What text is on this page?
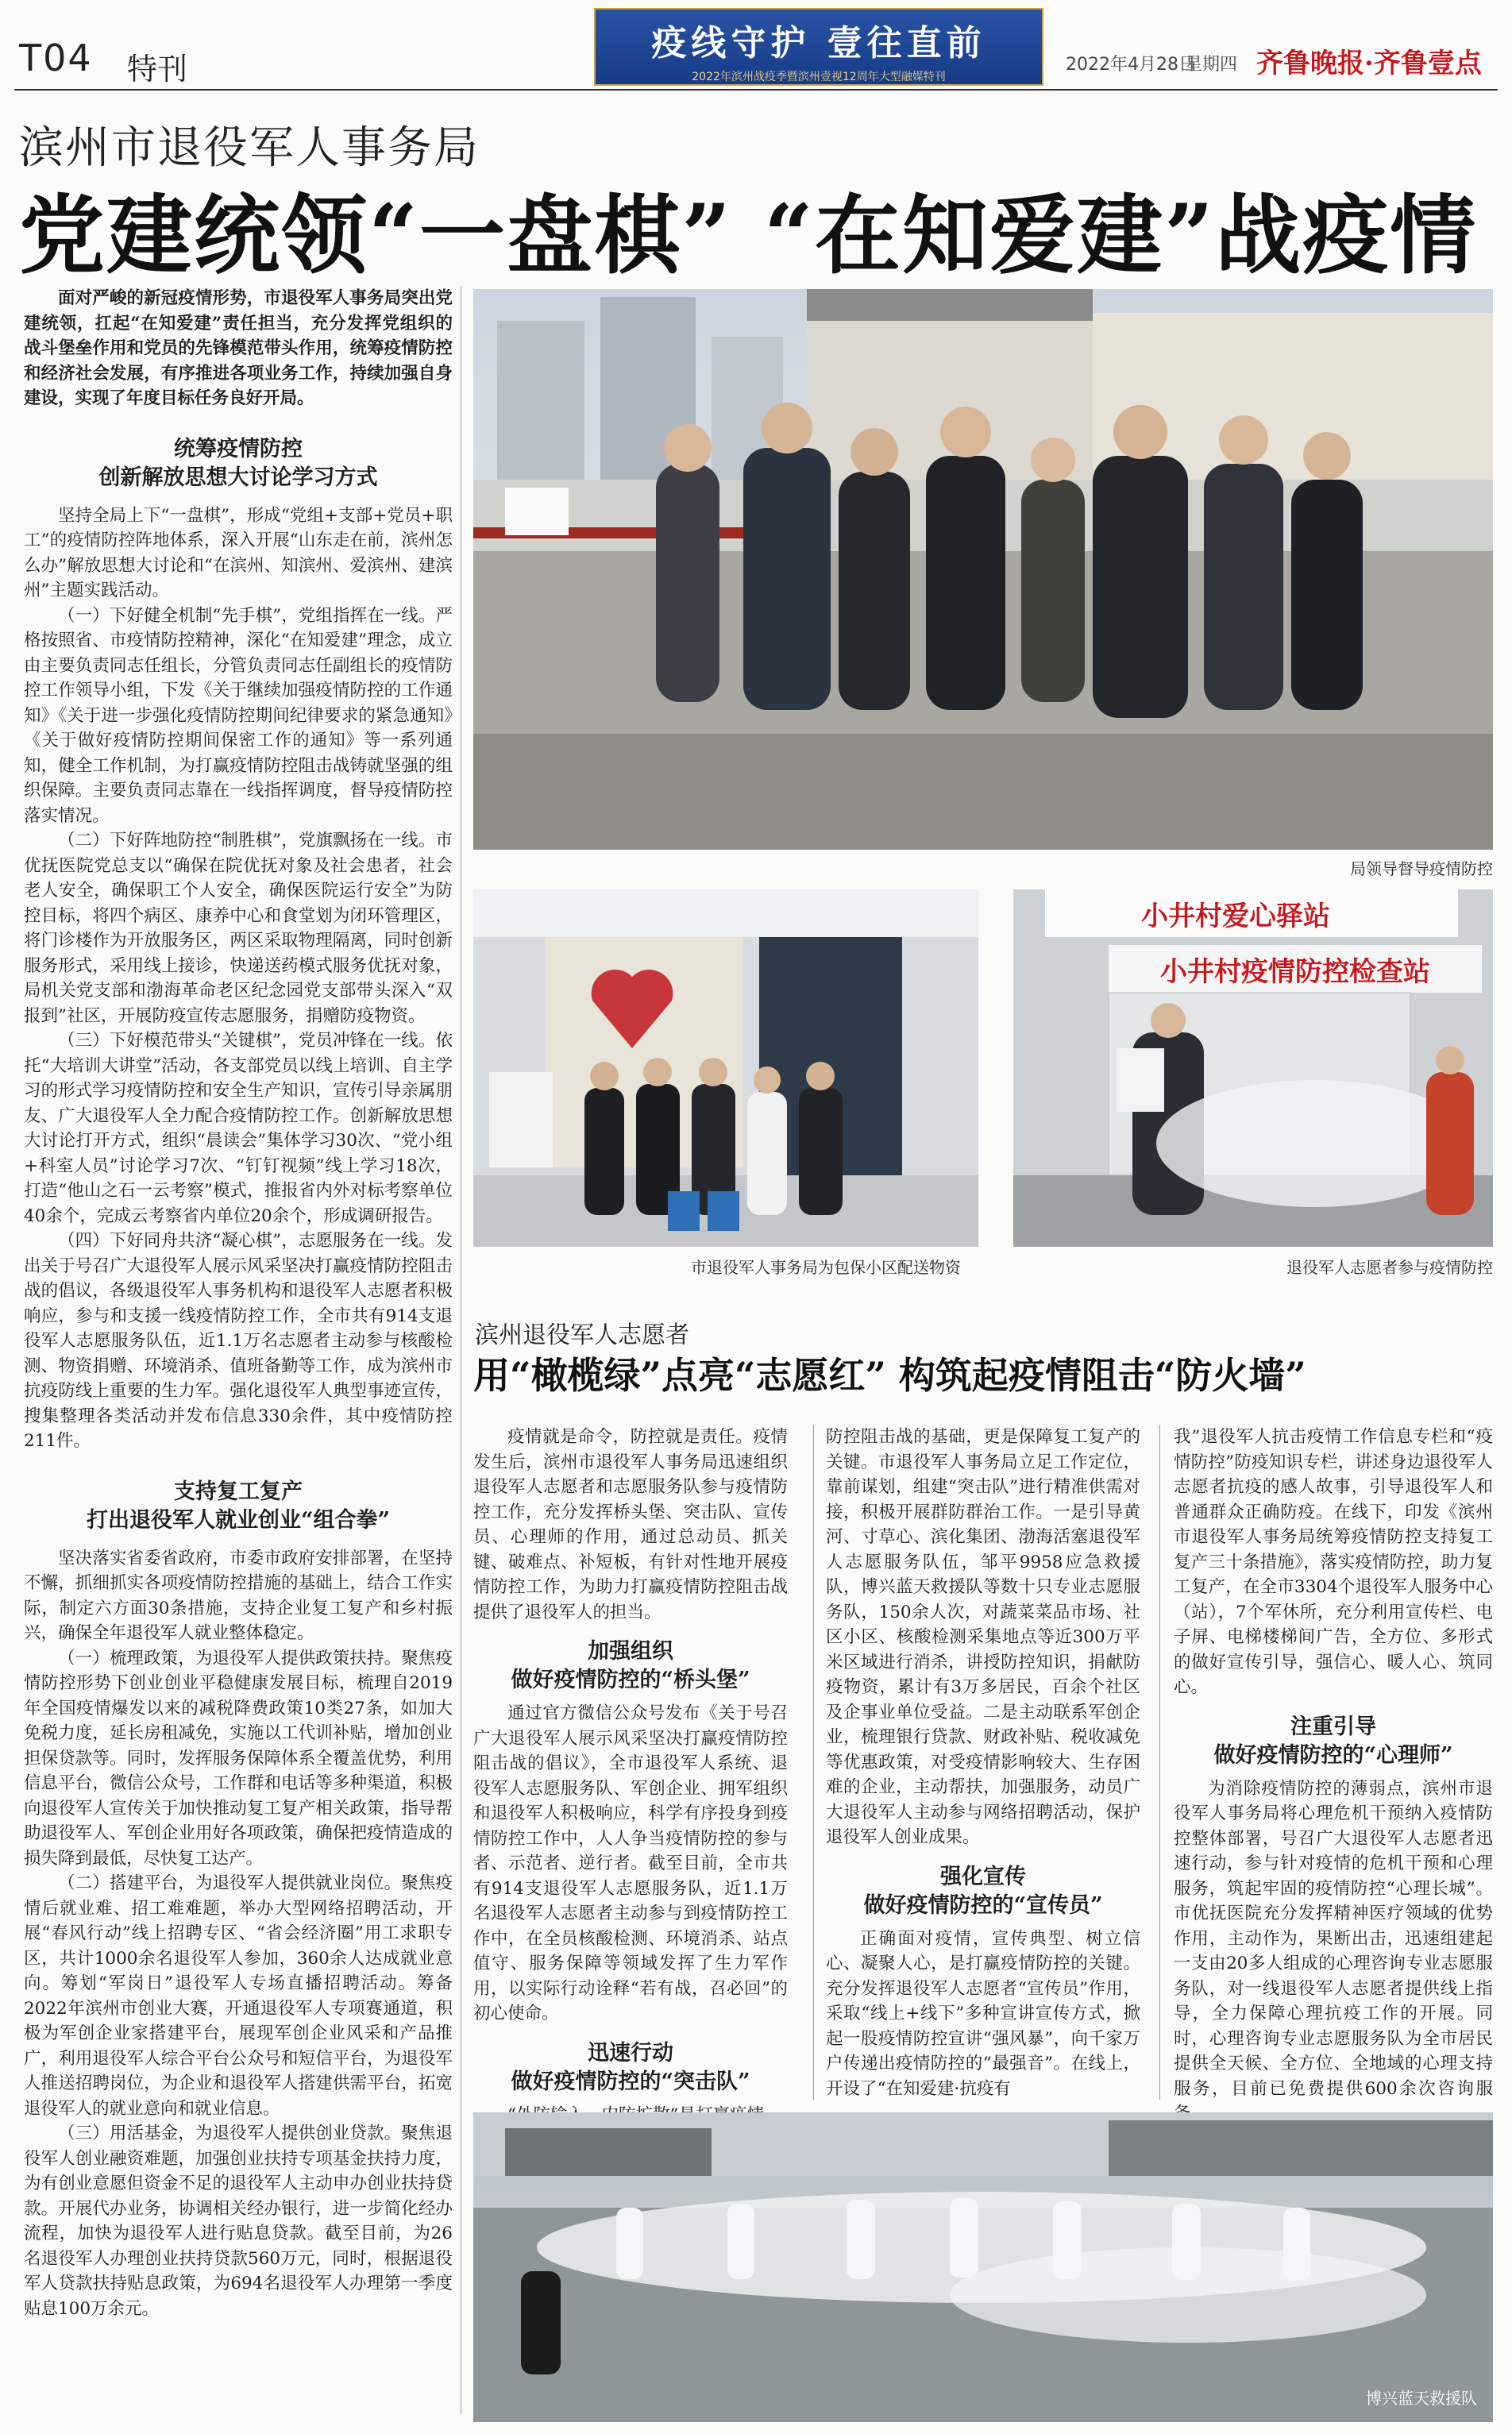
T04 特刊
疫线守护 壹往直前
2022年滨州战疫季暨滨州壹视12周年大型融媒特刊
2022年4月28日
星期四 齐鲁晚报·齐鲁壹点
滨州市退役军人事务局
党建统领“一盘棋” “在知爱建”战疫情

面对严峻的新冠疫情形势，市退役军人事务局突出党建统领，扛起“在知爱建”责任担当，充分发挥党组织的战斗堡垒作用和党员的先锋模范带头作用，统筹疫情防控和经济社会发展，有序推进各项业务工作，持续加强自身建设，实现了年度目标任务良好开局。

统筹疫情防控
创新解放思想大讨论学习方式

坚持全局上下“一盘棋”，形成“党组+支部+党员+职工”的疫情防控阵地体系，深入开展“山东走在前，滨州怎么办”解放思想大讨论和“在滨州、知滨州、爱滨州、建滨州”主题实践活动。

（一）下好健全机制“先手棋”，党组指挥在一线。严格按照省、市疫情防控精神，深化“在知爱建”理念，成立由主要负责同志任组长，分管负责同志任副组长的疫情防控工作领导小组，下发《关于继续加强疫情防控的工作通知》《关于进一步强化疫情防控期间纪律要求的紧急通知》《关于做好疫情防控期间保密工作的通知》等一系列通知，健全工作机制，为打赢疫情防控阻击战铸就坚强的组织保障。主要负责同志靠在一线指挥调度，督导疫情防控落实情况。

（二）下好阵地防控“制胜棋”，党旗飘扬在一线。市优抚医院党总支以“确保在院优抚对象及社会患者，社会老人安全，确保职工个人安全，确保医院运行安全”为防控目标，将四个病区、康养中心和食堂划为闭环管理区，将门诊楼作为开放服务区，两区采取物理隔离，同时创新服务形式，采用线上接诊，快递送药模式服务优抚对象，局机关党支部和渤海革命老区纪念园党支部带头深入“双报到”社区，开展防疫宣传志愿服务，捐赠防疫物资。

（三）下好模范带头“关键棋”，党员冲锋在一线。依托“大培训大讲堂”活动，各支部党员以线上培训、自主学习的形式学习疫情防控和安全生产知识，宣传引导亲属朋友、广大退役军人全力配合疫情防控工作。创新解放思想大讨论打开方式，组织“晨读会”集体学习30次、“党小组+科室人员”讨论学习7次、“钉钉视频”线上学习18次，打造“他山之石一云考察”模式，推报省内外对标考察单位40余个，完成云考察省内单位20余个，形成调研报告。

（四）下好同舟共济“凝心棋”，志愿服务在一线。发出关于号召广大退役军人展示风采坚决打赢疫情防控阻击战的倡议，各级退役军人事务机构和退役军人志愿者积极响应，参与和支援一线疫情防控工作，全市共有914支退役军人志愿服务队伍，近1.1万名志愿者主动参与核酸检测、物资捐赠、环境消杀、值班备勤等工作，成为滨州市抗疫防线上重要的生力军。强化退役军人典型事迹宣传，搜集整理各类活动并发布信息330余件，其中疫情防控211件。

支持复工复产
打出退役军人就业创业“组合拳”

坚决落实省委省政府，市委市政府安排部署，在坚持不懈，抓细抓实各项疫情防控措施的基础上，结合工作实际，制定六方面30条措施，支持企业复工复产和乡村振兴，确保全年退役军人就业整体稳定。

（一）梳理政策，为退役军人提供政策扶持。聚焦疫情防控形势下创业创业平稳健康发展目标，梳理自2019年全国疫情爆发以来的减税降费政策10类27条，如加大免税力度，延长房租减免，实施以工代训补贴，增加创业担保贷款等。同时，发挥服务保障体系全覆盖优势，利用信息平台，微信公众号，工作群和电话等多种渠道，积极向退役军人宣传关于加快推动复工复产相关政策，指导帮助退役军人、军创企业用好各项政策，确保把疫情造成的损失降到最低，尽快复工达产。

（二）搭建平台，为退役军人提供就业岗位。聚焦疫情后就业难、招工难难题，举办大型网络招聘活动，开展“春风行动”线上招聘专区、“省会经济圈”用工求职专区，共计1000余名退役军人参加，360余人达成就业意向。筹划“军岗日”退役军人专场直播招聘活动。筹备2022年滨州市创业大赛，开通退役军人专项赛通道，积极为军创企业家搭建平台，展现军创企业风采和产品推广，利用退役军人综合平台公众号和短信平台，为退役军人推送招聘岗位，为企业和退役军人搭建供需平台，拓宽退役军人的就业意向和就业信息。

（三）用活基金，为退役军人提供创业贷款。聚焦退役军人创业融资难题，加强创业扶持专项基金扶持力度，为有创业意愿但资金不足的退役军人主动申办创业扶持贷款。开展代办业务，协调相关经办银行，进一步简化经办流程，加快为退役军人进行贴息贷款。截至目前，为26名退役军人办理创业扶持贷款560万元，同时，根据退役军人贷款扶持贴息政策，为694名退役军人办理第一季度贴息100万余元。

局领导督导疫情防控
市退役军人事务局为包保小区配送物资
小井村爱心驿站
小井村疫情防控检查站
退役军人志愿者参与疫情防控
滨州退役军人志愿者
用“橄榄绿”点亮“志愿红” 构筑起疫情阻击“防火墙”

疫情就是命令，防控就是责任。疫情发生后，滨州市退役军人事务局迅速组织退役军人志愿者和志愿服务队参与疫情防控工作，充分发挥桥头堡、突击队、宣传员、心理师的作用，通过总动员、抓关键、破难点、补短板，有针对性地开展疫情防控工作，为助力打赢疫情防控阻击战提供了退役军人的担当。

加强组织
做好疫情防控的“桥头堡”

通过官方微信公众号发布《关于号召广大退役军人展示风采坚决打赢疫情防控阻击战的倡议》，全市退役军人系统、退役军人志愿服务队、军创企业、拥军组织和退役军人积极响应，科学有序投身到疫情防控工作中，人人争当疫情防控的参与者、示范者、逆行者。截至目前，全市共有914支退役军人志愿服务队，近1.1万名退役军人志愿者主动参与到疫情防控工作中，在全员核酸检测、环境消杀、站点值守、服务保障等领域发挥了生力军作用，以实际行动诠释“若有战，召必回”的初心使命。

迅速行动
做好疫情防控的“突击队”

防控阻击战的基础，更是保障复工复产的关键。市退役军人事务局立足工作定位，靠前谋划，组建“突击队”进行精准供需对接，积极开展群防群治工作。一是引导黄河、寸草心、滨化集团、渤海活塞退役军人志愿服务队伍，邹平9958应急救援队，博兴蓝天救援队等数十只专业志愿服务队，150余人次，对蔬菜菜品市场、社区小区、核酸检测采集地点等近300万平米区域进行消杀，讲授防控知识，捐献防疫物资，累计有3万多居民，百余个社区及企事业单位受益。二是主动联系军创企业，梳理银行贷款、财政补贴、税收减免等优惠政策，对受疫情影响较大、生存困难的企业，主动帮扶，加强服务，动员广大退役军人主动参与网络招聘活动，保护退役军人创业成果。

强化宣传
做好疫情防控的“宣传员”

正确面对疫情，宣传典型、树立信心、凝聚人心，是打赢疫情防控的关键。充分发挥退役军人志愿者“宣传员”作用，采取“线上+线下”多种宣讲宣传方式，掀起一股疫情防控宣讲“强风暴”，向千家万户传递出疫情防控的“最强音”。在线上，开设了“在知爱建·抗疫有

我”退役军人抗击疫情工作信息专栏和“疫情防控”防疫知识专栏，讲述身边退役军人志愿者抗疫的感人故事，引导退役军人和普通群众正确防疫。在线下，印发《滨州市退役军人事务局统筹疫情防控支持复工复产三十条措施》，落实疫情防控，助力复工复产，在全市3304个退役军人服务中心（站），7个军休所，充分利用宣传栏、电子屏、电梯楼梯间广告，全方位、多形式的做好宣传引导，强信心、暖人心、筑同心。

注重引导
做好疫情防控的“心理师”

为消除疫情防控的薄弱点，滨州市退役军人事务局将心理危机干预纳入疫情防控整体部署，号召广大退役军人志愿者迅速行动，参与针对疫情的危机干预和心理服务，筑起牢固的疫情防控“心理长城”。市优抚医院充分发挥精神医疗领域的优势作用，主动作为，果断出击，迅速组建起一支由20多人组成的心理咨询专业志愿服务队，对一线退役军人志愿者提供线上指导，全力保障心理抗疫工作的开展。同时，心理咨询专业志愿服务队为全市居民提供全天候、全方位、全地域的心理支持服务，目前已免费提供600余次咨询服

博兴蓝天救援队
